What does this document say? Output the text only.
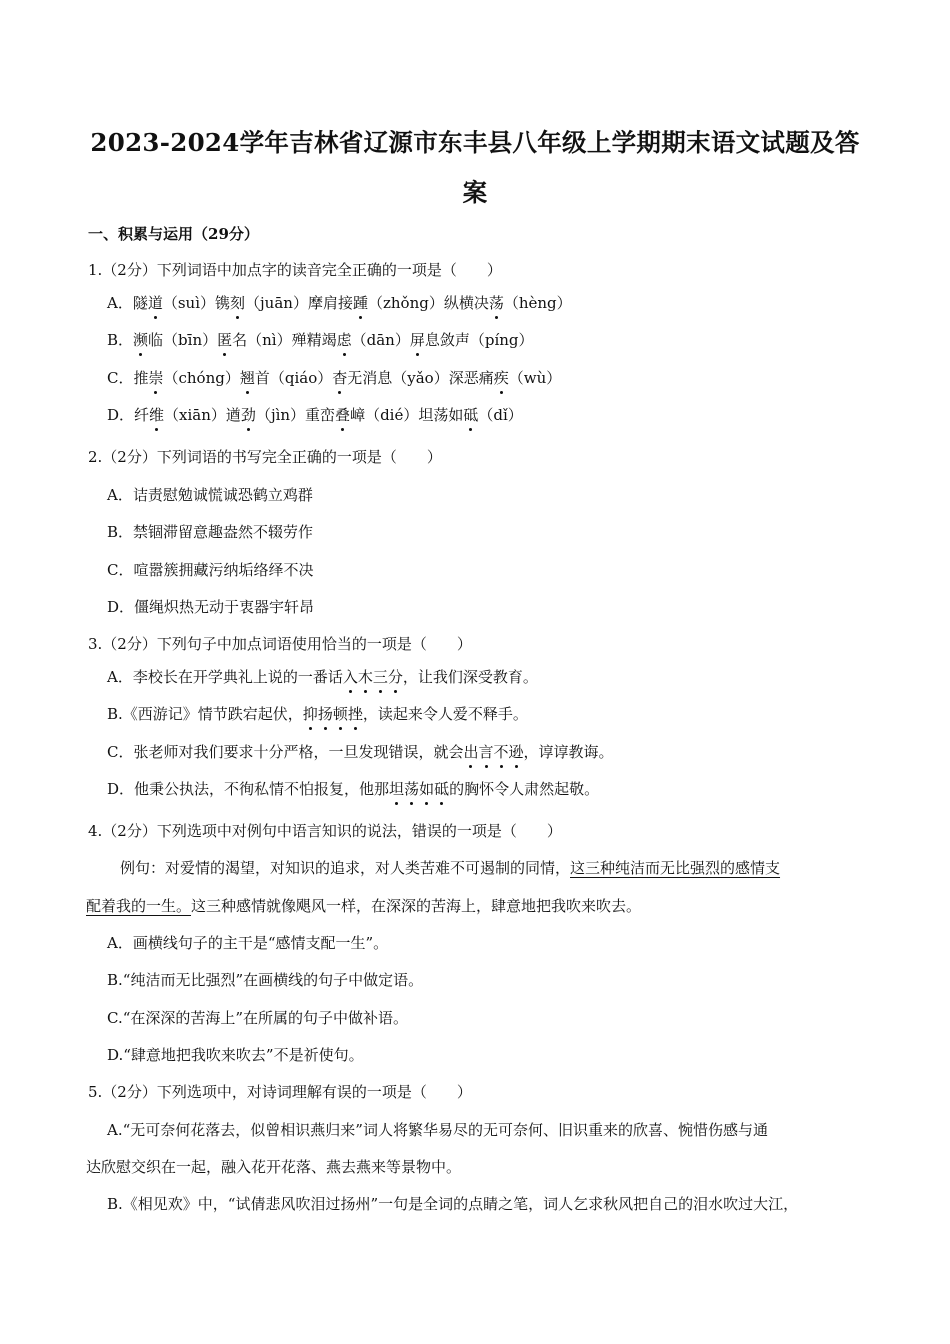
2023-2024学年吉林省辽源市东丰县八年级上学期期末语文试题及答
案
一、积累与运用（29分）
1.（2分）下列词语中加点字的读音完全正确的一项是（　　）
A．隧道（suì）镌刻（juān）摩肩接踵（zhǒng）纵横决荡（hèng）
B．濒临（bīn）匿名（nì）殚精竭虑（dān）屏息敛声（píng）
C．推崇（chóng）翘首（qiáo）杳无消息（yǎo）深恶痛疾（wù）
D．纤维（xiān）遒劲（jìn）重峦叠嶂（dié）坦荡如砥（dǐ）
2.（2分）下列词语的书写完全正确的一项是（　　）
A．诘责慰勉诚慌诚恐鹤立鸡群
B．禁锢滞留意趣盎然不辍劳作
C．喧嚣簇拥藏污纳垢络绎不决
D．僵绳炽热无动于衷器宇轩昂
3.（2分）下列句子中加点词语使用恰当的一项是（　　）
A．李校长在开学典礼上说的一番话入木三分，让我们深受教育。
B.《西游记》情节跌宕起伏，抑扬顿挫，读起来令人爱不释手。
C．张老师对我们要求十分严格，一旦发现错误，就会出言不逊，谆谆教诲。
D．他秉公执法，不徇私情不怕报复，他那坦荡如砥的胸怀令人肃然起敬。
4.（2分）下列选项中对例句中语言知识的说法，错误的一项是（　　）
例句：对爱情的渴望，对知识的追求，对人类苦难不可遏制的同情，这三种纯洁而无比强烈的感情支
配着我的一生。这三种感情就像飓风一样，在深深的苦海上，肆意地把我吹来吹去。
A．画横线句子的主干是“感情支配一生”。
B.“纯洁而无比强烈”在画横线的句子中做定语。
C.“在深深的苦海上”在所属的句子中做补语。
D.“肆意地把我吹来吹去”不是祈使句。
5.（2分）下列选项中，对诗词理解有误的一项是（　　）
A.“无可奈何花落去，似曾相识燕归来”词人将繁华易尽的无可奈何、旧识重来的欣喜、惋惜伤感与通
达欣慰交织在一起，融入花开花落、燕去燕来等景物中。
B.《相见欢》中，“试倩悲风吹泪过扬州”一句是全词的点睛之笔，词人乞求秋风把自己的泪水吹过大江，
